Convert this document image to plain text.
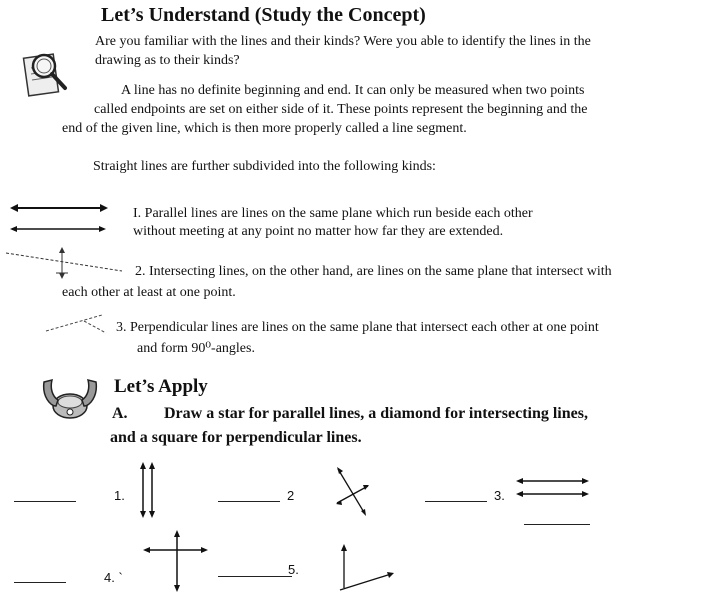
Let’s Understand (Study the Concept)
Are you familiar with the lines and their kinds? Were you able to identify the lines in the
drawing as to their kinds?
A line has no definite beginning and end. It can only be measured when two points
called endpoints are set on either side of it. These points represent the beginning and the
end of the given line, which is then more properly called a line segment.
Straight lines are further subdivided into the following kinds:
I. Parallel lines are lines on the same plane which run beside each other
without meeting at any point no matter how far they are extended.
2. Intersecting lines, on the other hand, are lines on the same plane that intersect with
each other at least at one point.
3. Perpendicular lines are lines on the same plane that intersect each other at one point
and form 90⁰-angles.
Let’s Apply
A. Draw a star for parallel lines, a diamond for intersecting lines,
and a square for perpendicular lines.
1.	2	3.
4. `
5.
